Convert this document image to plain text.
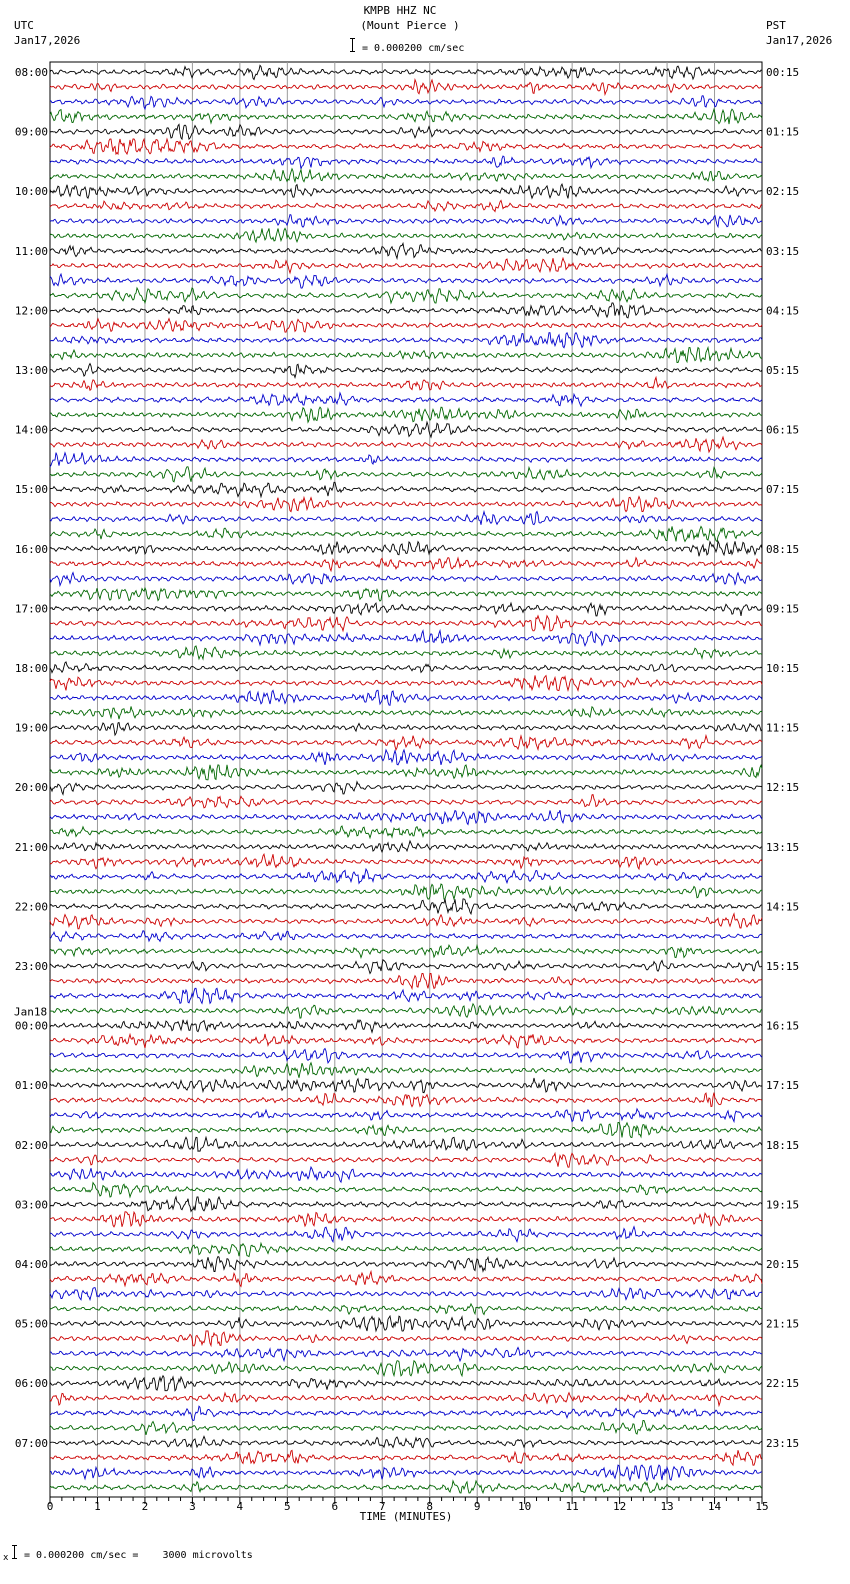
KMPB HHZ NC
(Mount Pierce )
= 0.000200 cm/sec
UTC
Jan17,2026
PST
Jan17,2026
08:00
09:00
10:00
11:00
12:00
13:00
14:00
15:00
16:00
17:00
18:00
19:00
20:00
21:00
22:00
23:00
00:00
Jan18
01:00
02:00
03:00
04:00
05:00
06:00
07:00
00:15
01:15
02:15
03:15
04:15
05:15
06:15
07:15
08:15
09:15
10:15
11:15
12:15
13:15
14:15
15:15
16:15
17:15
18:15
19:15
20:15
21:15
22:15
23:15
0	1	2	3	4	5	6	7	8	9	10	11	12	13	14	15
TIME (MINUTES)
x = 0.000200 cm/sec =    3000 microvolts
